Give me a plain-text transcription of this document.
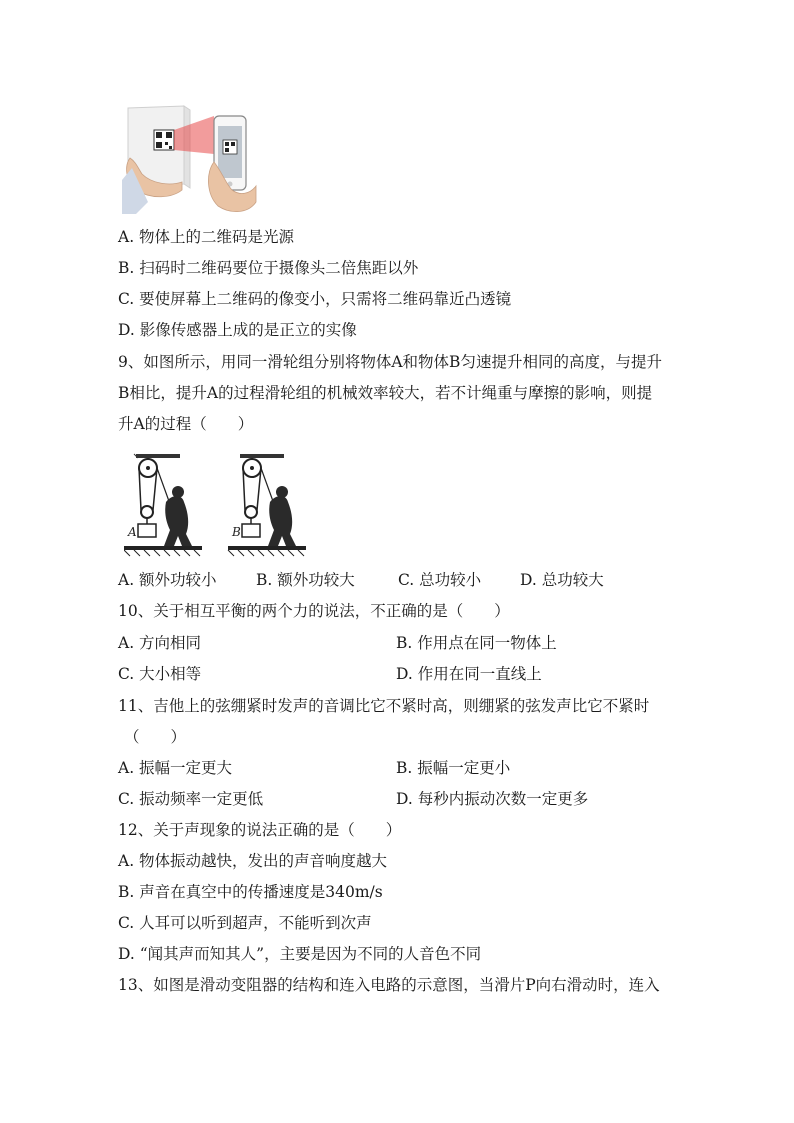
A. 物体上的二维码是光源
B. 扫码时二维码要位于摄像头二倍焦距以外
C. 要使屏幕上二维码的像变小，只需将二维码靠近凸透镜
D. 影像传感器上成的是正立的实像
9、如图所示，用同一滑轮组分别将物体A和物体B匀速提升相同的高度，与提升
B相比，提升A的过程滑轮组的机械效率较大，若不计绳重与摩擦的影响，则提
升A的过程（　　）
A	B
A. 额外功较小	B. 额外功较大	C. 总功较小	D. 总功较大
10、关于相互平衡的两个力的说法，不正确的是（　　）
A. 方向相同	B. 作用点在同一物体上
C. 大小相等	D. 作用在同一直线上
11、吉他上的弦绷紧时发声的音调比它不紧时高，则绷紧的弦发声比它不紧时
（　　）
A. 振幅一定更大	B. 振幅一定更小
C. 振动频率一定更低	D. 每秒内振动次数一定更多
12、关于声现象的说法正确的是（　　）
A. 物体振动越快，发出的声音响度越大
B. 声音在真空中的传播速度是340m/s
C. 人耳可以听到超声，不能听到次声
D. “闻其声而知其人”，主要是因为不同的人音色不同
13、如图是滑动变阻器的结构和连入电路的示意图，当滑片P向右滑动时，连入
